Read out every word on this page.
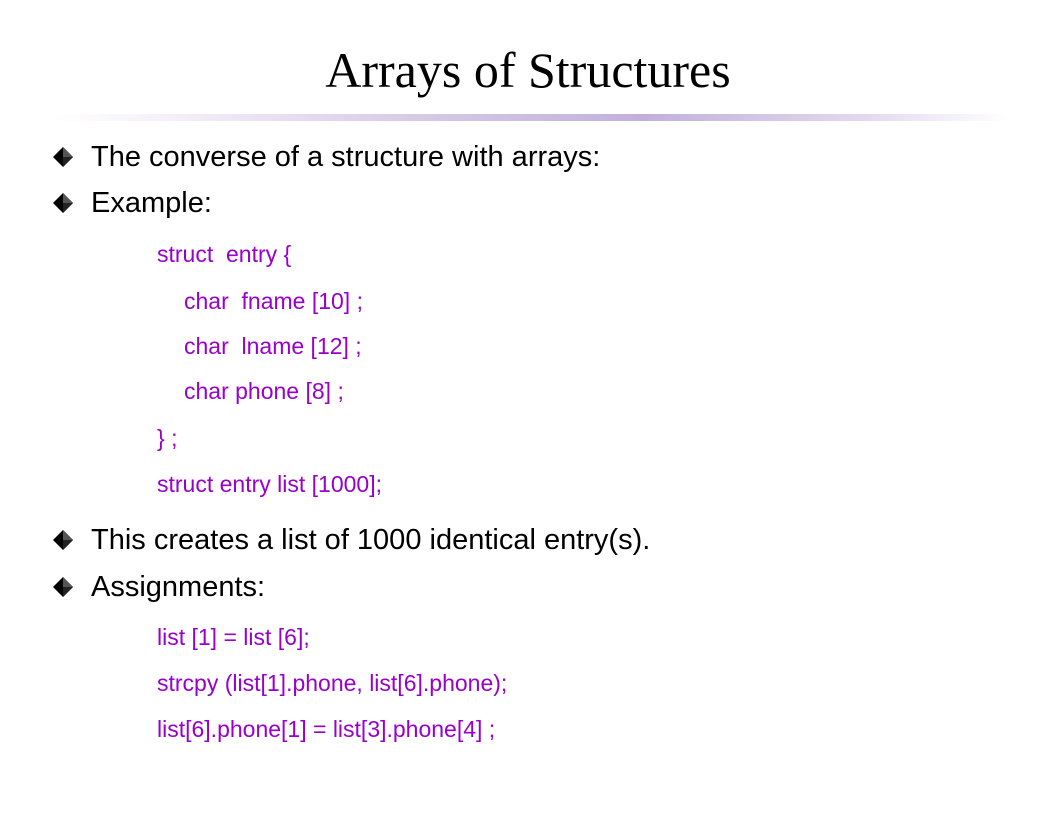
Arrays of Structures
The converse of a structure with arrays:
Example:
struct  entry {
char  fname [10] ;
char  lname [12] ;
char phone [8] ;
} ;
struct entry list [1000];
This creates a list of 1000 identical entry(s).
Assignments:
list [1] = list [6];
strcpy (list[1].phone, list[6].phone);
list[6].phone[1] = list[3].phone[4] ;
